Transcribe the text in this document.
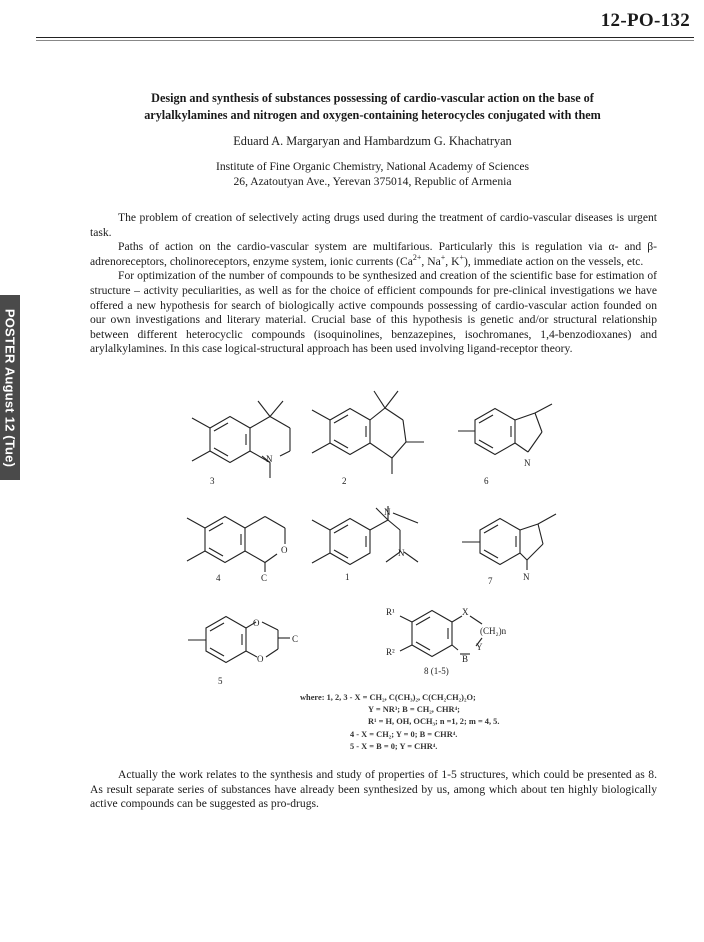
12-PO-132
POSTER August 12 (Tue)
Design and synthesis of substances possessing of cardio-vascular action on the base of
arylalkylamines and nitrogen and oxygen-containing heterocycles conjugated with them
Eduard A. Margaryan and Hambardzum G. Khachatryan
Institute of Fine Organic Chemistry, National Academy of Sciences
26, Azatoutyan Ave., Yerevan 375014, Republic of Armenia

The problem of creation of selectively acting drugs used during the treatment of cardio-vascular diseases is urgent task.

Paths of action on the cardio-vascular system are multifarious. Particularly this is regulation via α- and β-adrenoreceptors, cholinoreceptors, enzyme system, ionic currents ($Ca^{2+}$, Na+, K+), immediate action on the vessels, etc.

For optimization of the number of compounds to be synthesized and creation of the scientific base for estimation of structure – activity peculiarities, as well as for the choice of efficient compounds for pre-clinical investigations we have offered a new hypothesis for search of biologically active compounds possessing of cardio-vascular action founded on our own investigations and literary material. Crucial base of this hypothesis is genetic and/or structural relationship between different heterocyclic compounds (isoquinolines, benzazepines, isochromanes, 1,4-benzodioxanes) and arylalkylamines. In this case logical-structural approach has been used involving ligand-receptor theory.

N
3	2
N
6
O
C
4
N
N
1	N
7
O
O
C
5
R¹
R²
X
(CH₂)n
Y
B
8 (1-5)
where: 1, 2, 3 - X = CH₂, C(CH₃)₂, C(CH₂CH₂)₂O;
Y = NR³; B = CH₂, CHR⁴;
R¹ = H, OH, OCH₃; n =1, 2; m = 4, 5.
4 - X = CH₂; Y = 0; B = CHR⁴.
5 - X = B = 0; Y = CHR⁴.

Actually the work relates to the synthesis and study of properties of 1-5 structures, which could be presented as 8. As result separate series of substances have already been synthesized by us, among which about ten highly biologically active compounds can be suggested as pro-drugs.
